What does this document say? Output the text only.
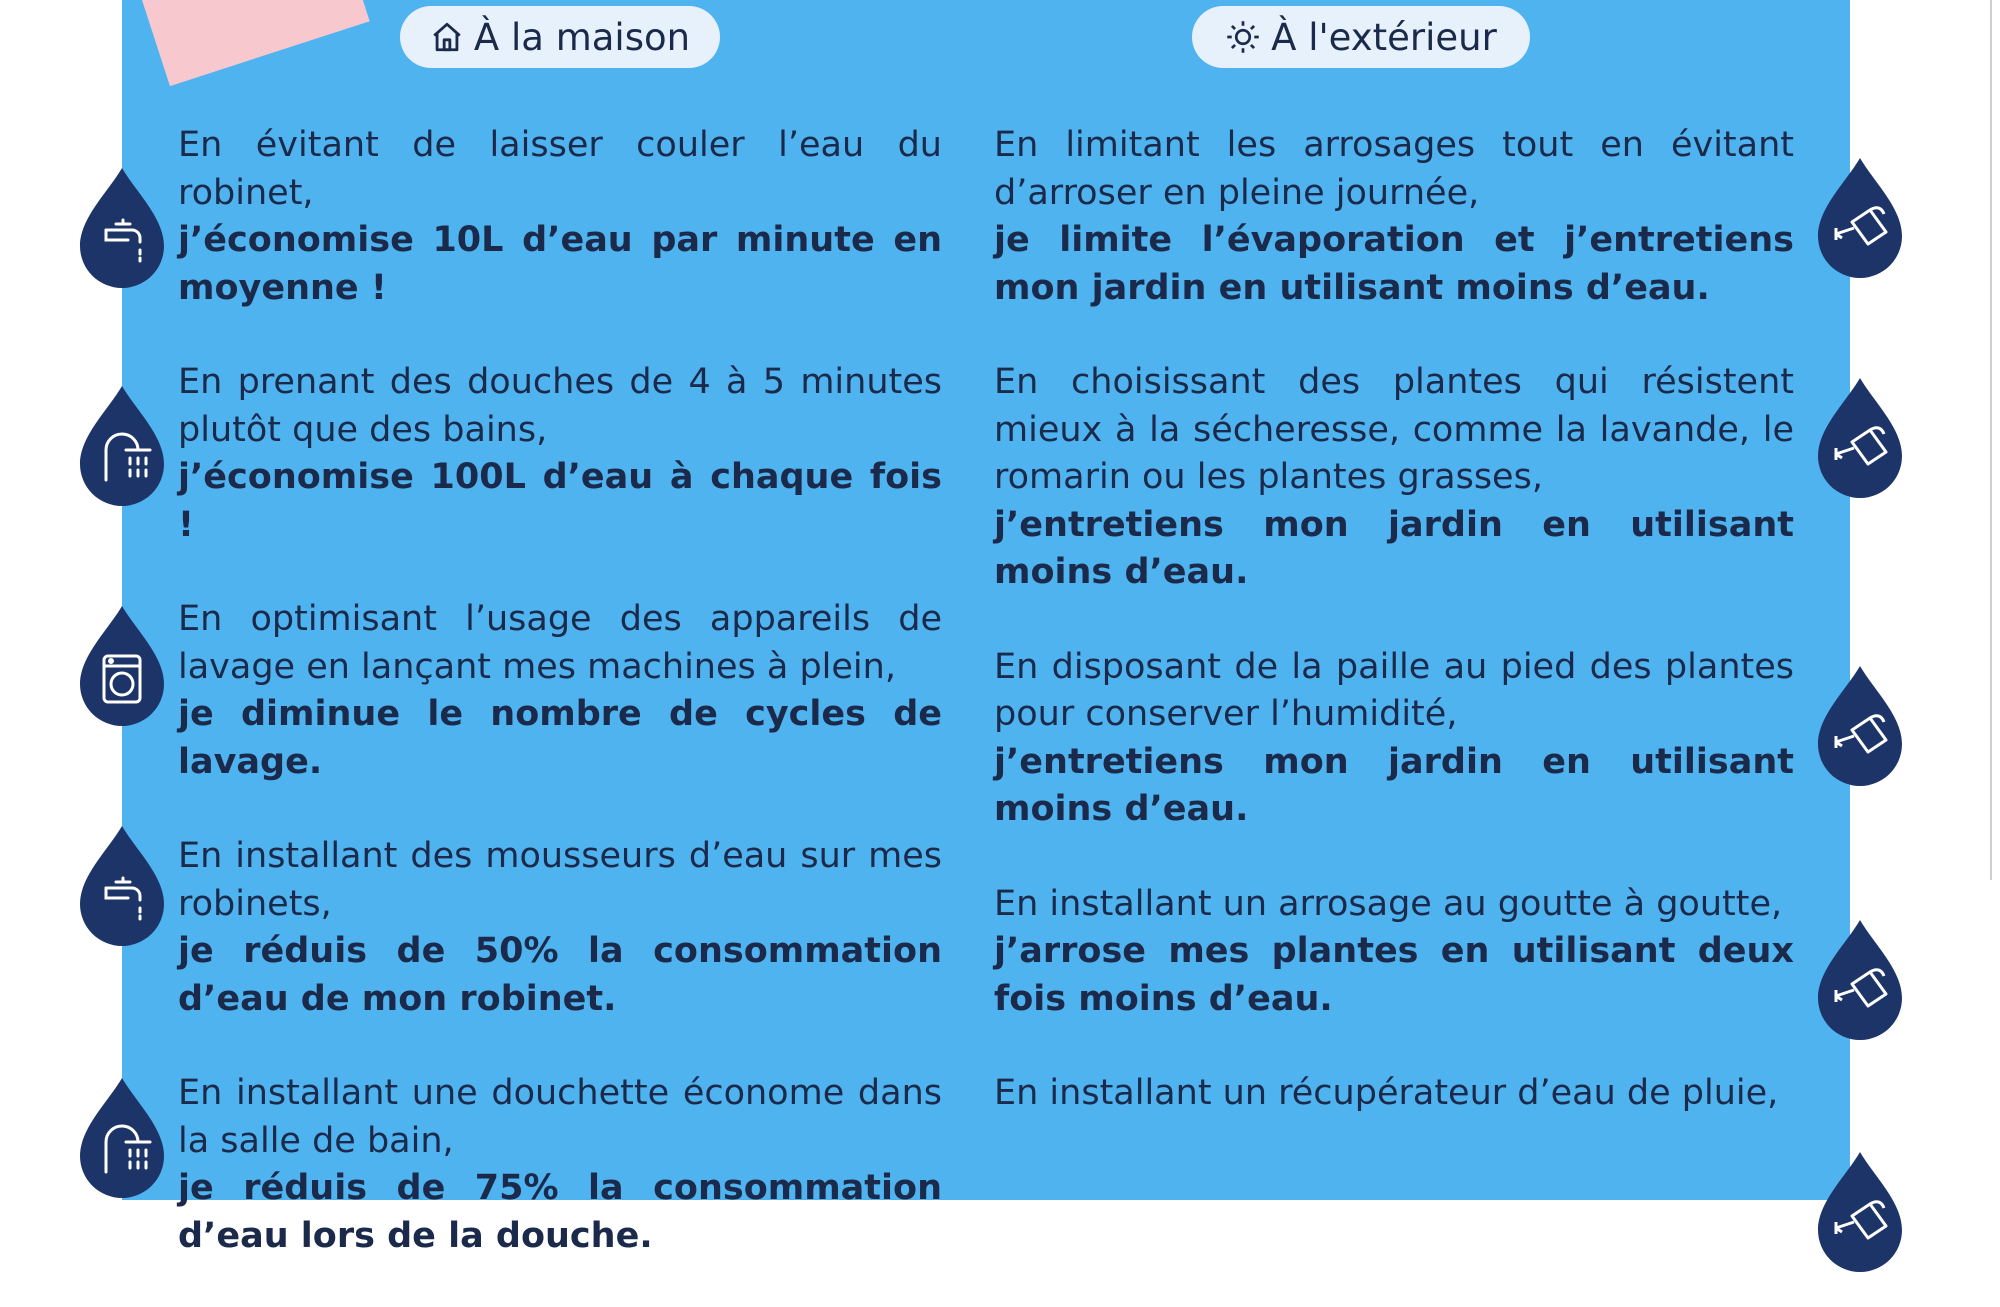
À la maison	À l'extérieur

En évitant de laisser couler l’eau du robinet,
j’économise 10L d’eau par minute en moyenne !

En prenant des douches de 4 à 5 minutes plutôt que des bains,
j’économise 100L d’eau à chaque fois !

En optimisant l’usage des appareils de lavage en lançant mes machines à plein,
je diminue le nombre de cycles de lavage.

En installant des mousseurs d’eau sur mes robinets,
je réduis de 50% la consommation d’eau de mon robinet.

En installant une douchette économe dans la salle de bain,
je réduis de 75% la consommation d’eau lors de la douche.

En limitant les arrosages tout en évitant d’arroser en pleine journée,
je limite l’évaporation et j’entretiens mon jardin en utilisant moins d’eau.

En choisissant des plantes qui résistent mieux à la sécheresse, comme la lavande, le romarin ou les plantes grasses,
j’entretiens mon jardin en utilisant moins d’eau.

En disposant de la paille au pied des plantes pour conserver l’humidité,
j’entretiens mon jardin en utilisant moins d’eau.

En installant un arrosage au goutte à goutte,
j’arrose mes plantes en utilisant deux fois moins d’eau.

En installant un récupérateur d’eau de pluie,
